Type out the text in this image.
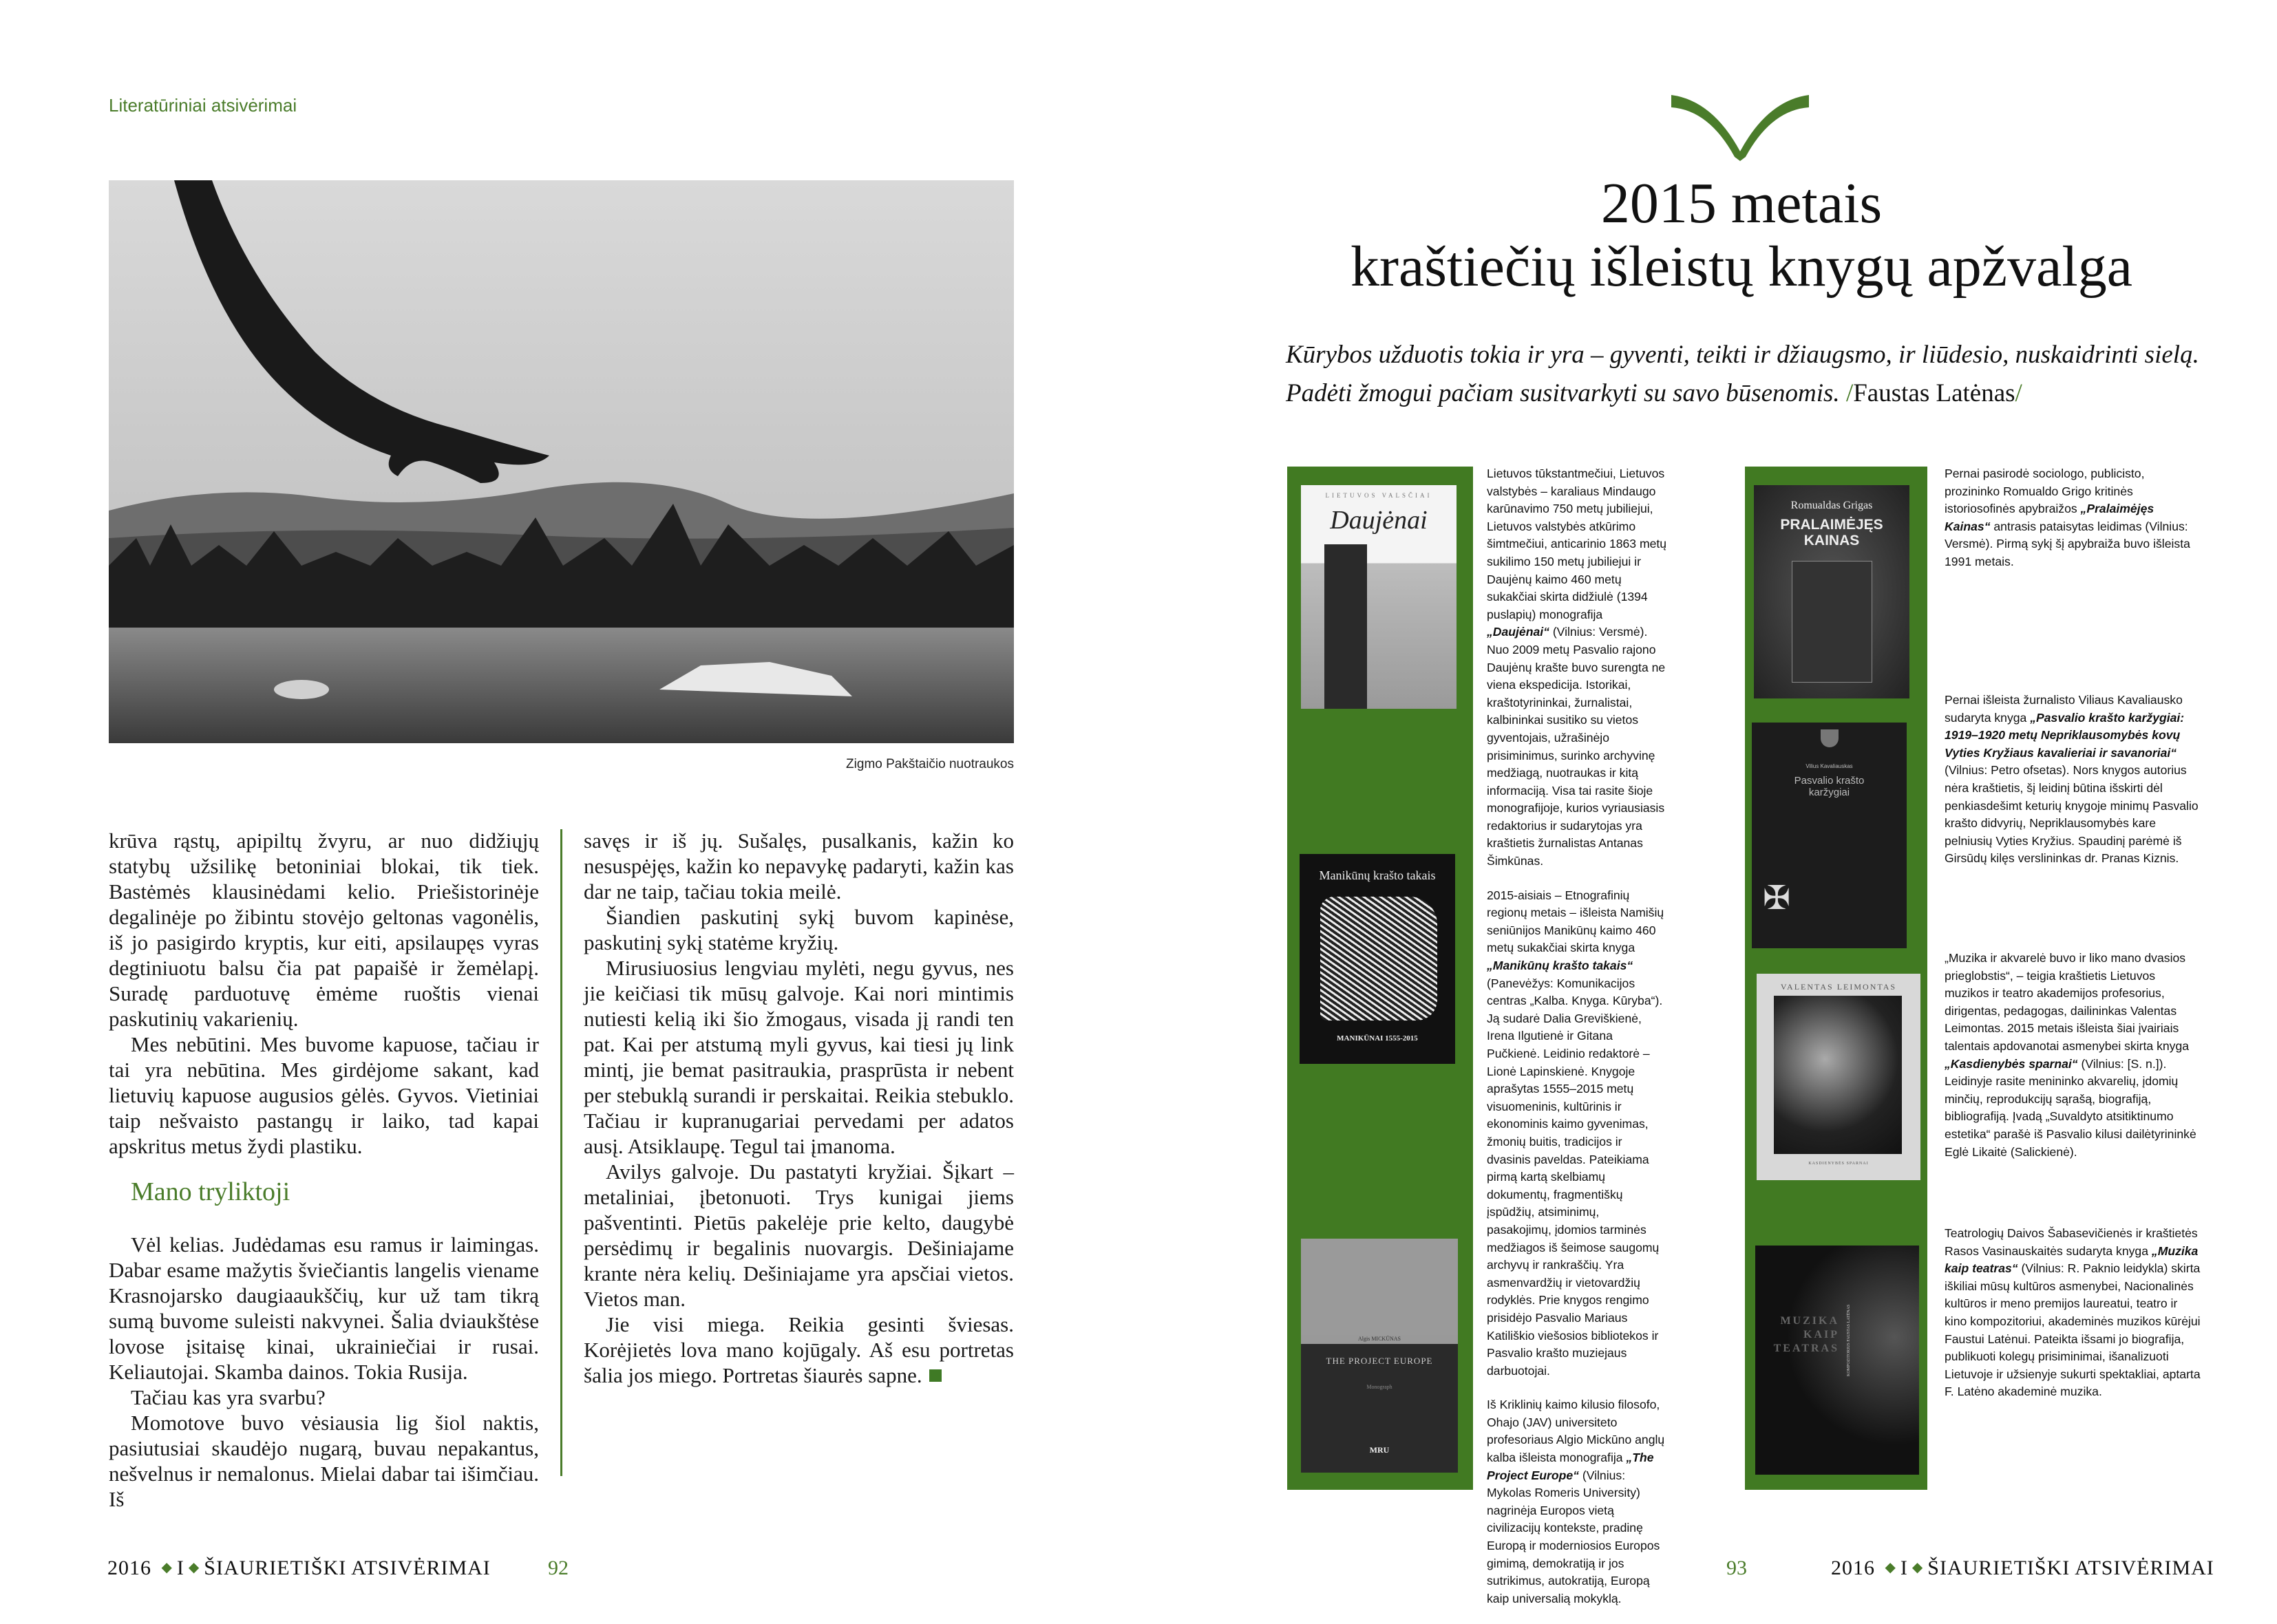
Literatūriniai atsivėrimai
Zigmo Pakštaičio nuotraukos

krūva rąstų, apipiltų žvyru, ar nuo didžiųjų statybų užsilikę betoniniai blokai, tik tiek. Bastėmės klausinėdami kelio. Priešistorinėje degalinėje po žibintu stovėjo geltonas vagonėlis, iš jo pasigirdo kryptis, kur eiti, apsilaupęs vyras degtiniuotu balsu čia pat papaišė ir žemėlapį. Suradę parduotuvę ėmėme ruoštis vienai paskutinių vakarienių.

Mes nebūtini. Mes buvome kapuose, tačiau ir tai yra nebūtina. Mes girdėjome sakant, kad lietuvių kapuose augusios gėlės. Gyvos. Vietiniai taip nešvaisto pastangų ir laiko, tad kapai apskritus metus žydi plastiku.

Mano tryliktoji

Vėl kelias. Judėdamas esu ramus ir laimingas. Dabar esame mažytis šviečiantis langelis viename Krasnojarsko daugiaaukščių, kur už tam tikrą sumą buvome suleisti nakvynei. Šalia dviaukštėse lovose įsitaisę kinai, ukrainiečiai ir rusai. Keliautojai. Skamba dainos. Tokia Rusija.

Tačiau kas yra svarbu?

Momotove buvo vėsiausia lig šiol naktis, pasiutusiai skaudėjo nugarą, buvau nepakantus, nešvelnus ir nemalonus. Mielai dabar tai išimčiau. Iš

savęs ir iš jų. Sušalęs, pusalkanis, kažin ko nesuspėjęs, kažin ko nepavykę padaryti, kažin kas dar ne taip, tačiau tokia meilė.

Šiandien paskutinį sykį buvom kapinėse, paskutinį sykį statėme kryžių.

Mirusiuosius lengviau mylėti, negu gyvus, nes jie keičiasi tik mūsų galvoje. Kai nori mintimis nutiesti kelią iki šio žmogaus, visada jį randi ten pat. Kai per atstumą myli gyvus, kai tiesi jų link mintį, jie bemat pasitraukia, prasprūsta ir nebent per stebuklą surandi ir perskaitai. Reikia stebuklo. Tačiau ir kupranugariai pervedami per adatos ausį. Atsiklaupę. Tegul tai įmanoma.

Avilys galvoje. Du pastatyti kryžiai. Šįkart – metaliniai, įbetonuoti. Trys kunigai jiems pašventinti. Pietūs pakelėje prie kelto, daugybė persėdimų ir begalinis nuovargis. Dešiniajame krante nėra kelių. Dešiniajame yra apsčiai vietos. Vietos man.

Jie visi miega. Reikia gesinti šviesas. Korėjietės lova mano kojūgaly. Aš esu portretas šalia jos miego. Portretas šiaurės sapne.

2016 ◆ I ◆ ŠIAURIETIŠKI ATSIVĖRIMAI	92
2015 metais
kraštiečių išleistų knygų apžvalga
Kūrybos užduotis tokia ir yra – gyventi, teikti ir džiaugsmo, ir liūdesio, nuskaidrinti sielą. Padėti žmogui pačiam susitvarkyti su savo būsenomis. /Faustas Latėnas/
LIETUVOS VALSČIAI
Daujėnai
Manikūnų krašto takais
MANIKŪNAI 1555-2015
Algis MICKŪNAS
THE PROJECT EUROPE
Monograph
MRU
Romualdas Grigas
PRALAIMĖJĘS KAINAS
Vilius Kavaliauskas
Pasvalio krašto karžygiai
✠
VALENTAS LEIMONTAS
KASDIENYBĖS SPARNAI
MUZIKA KAIP TEATRAS KOMPOZITORIUS FAUSTAS LATĖNAS
Lietuvos tūkstantmečiui, Lietuvos valstybės – karaliaus Mindaugo karūnavimo 750 metų jubiliejui, Lietuvos valstybės atkūrimo šimtmečiui, anticarinio 1863 metų sukilimo 150 metų jubiliejui ir Daujėnų kaimo 460 metų sukakčiai skirta didžiulė (1394 puslapių) monografija „Daujėnai“ (Vilnius: Versmė). Nuo 2009 metų Pasvalio rajono Daujėnų krašte buvo surengta ne viena ekspedicija. Istorikai, kraštotyrininkai, žurnalistai, kalbininkai susitiko su vietos gyventojais, užrašinėjo prisiminimus, surinko archyvinę medžiagą, nuotraukas ir kitą informaciją. Visa tai rasite šioje monografijoje, kurios vyriausiasis redaktorius ir sudarytojas yra kraštietis žurnalistas Antanas Šimkūnas.
2015-aisiais – Etnografinių regionų metais – išleista Namišių seniūnijos Manikūnų kaimo 460 metų sukakčiai skirta knyga „Manikūnų krašto takais“ (Panevėžys: Komunikacijos centras „Kalba. Knyga. Kūryba“). Ją sudarė Dalia Greviškienė, Irena Ilgutienė ir Gitana Pučkienė. Leidinio redaktorė – Lionė Lapinskienė. Knygoje aprašytas 1555–2015 metų visuomeninis, kultūrinis ir ekonominis kaimo gyvenimas, žmonių buitis, tradicijos ir dvasinis paveldas. Pateikiama pirmą kartą skelbiamų dokumentų, fragmentiškų įspūdžių, atsiminimų, pasakojimų, įdomios tarminės medžiagos iš šeimose saugomų archyvų ir rankraščių. Yra asmenvardžių ir vietovardžių rodyklės. Prie knygos rengimo prisidėjo Pasvalio Mariaus Katiliškio viešosios bibliotekos ir Pasvalio krašto muziejaus darbuotojai.
Iš Kriklinių kaimo kilusio filosofo, Ohajo (JAV) universiteto profesoriaus Algio Mickūno anglų kalba išleista monografija „The Project Europe“ (Vilnius: Mykolas Romeris University) nagrinėja Europos vietą civilizacijų kontekste, pradinę Europą ir moderniosios Europos gimimą, demokratiją ir jos sutrikimus, autokratiją, Europą kaip universalią mokyklą.
Pernai pasirodė sociologo, publicisto, prozininko Romualdo Grigo kritinės istoriosofinės apybraižos „Pralaimėjęs Kainas“ antrasis pataisytas leidimas (Vilnius: Versmė). Pirmą sykį šį apybraiža buvo išleista 1991 metais.
Pernai išleista žurnalisto Viliaus Kavaliausko sudaryta knyga „Pasvalio krašto karžygiai: 1919–1920 metų Nepriklausomybės kovų Vyties Kryžiaus kavalieriai ir savanoriai“ (Vilnius: Petro ofsetas). Nors knygos autorius nėra kraštietis, šį leidinį būtina išskirti dėl penkiasdešimt keturių knygoje minimų Pasvalio krašto didvyrių, Nepriklausomybės kare pelniusių Vyties Kryžius. Spaudinį parėmė iš Girsūdų kilęs verslininkas dr. Pranas Kiznis.
„Muzika ir akvarelė buvo ir liko mano dvasios prieglobstis“, – teigia kraštietis Lietuvos muzikos ir teatro akademijos profesorius, dirigentas, pedagogas, dailininkas Valentas Leimontas. 2015 metais išleista šiai įvairiais talentais apdovanotai asmenybei skirta knyga „Kasdienybės sparnai“ (Vilnius: [S. n.]). Leidinyje rasite menininko akvarelių, įdomių minčių, reprodukcijų sąrašą, biografiją, bibliografiją. Įvadą „Suvaldyto atsitiktinumo estetika“ parašė iš Pasvalio kilusi dailėtyrininkė Eglė Likaitė (Salickienė).
Teatrologių Daivos Šabasevičienės ir kraštietės Rasos Vasinauskaitės sudaryta knyga „Muzika kaip teatras“ (Vilnius: R. Paknio leidykla) skirta iškiliai mūsų kultūros asmenybei, Nacionalinės kultūros ir meno premijos laureatui, teatro ir kino kompozitoriui, akademinės muzikos kūrėjui Faustui Latėnui. Pateikta išsami jo biografija, publikuoti kolegų prisiminimai, išanalizuoti Lietuvoje ir užsienyje sukurti spektakliai, aptarta F. Latėno akademinė muzika.
93	2016 ◆ I ◆ ŠIAURIETIŠKI ATSIVĖRIMAI
